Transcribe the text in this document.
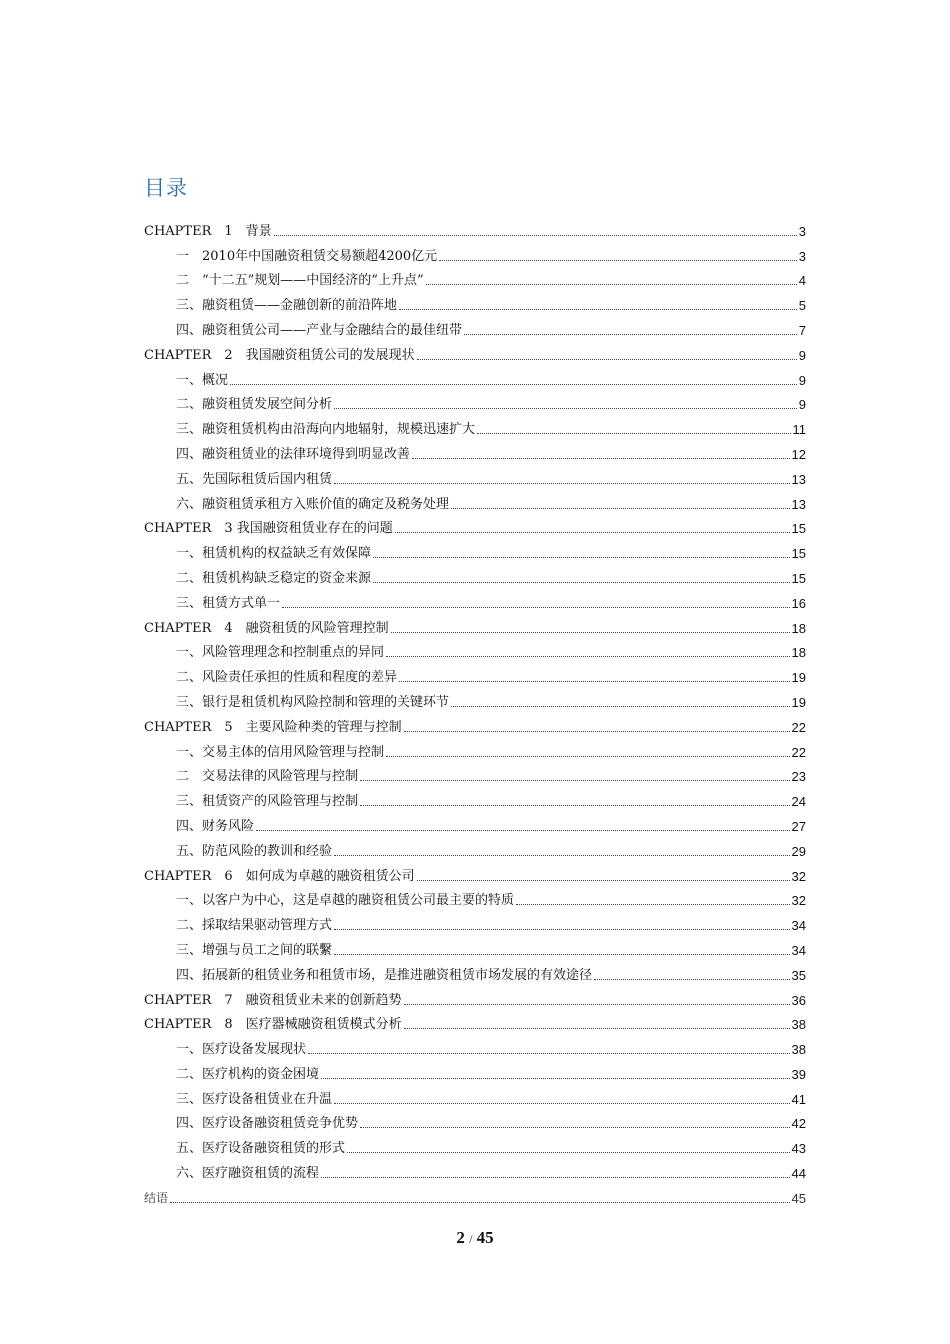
目录
CHAPTER　1　背景	3
一　2010年中国融资租赁交易额超4200亿元	3
二　“十二五”规划——中国经济的“上升点”	4
三、融资租赁——金融创新的前沿阵地	5
四、融资租赁公司——产业与金融结合的最佳纽带	7
CHAPTER　2　我国融资租赁公司的发展现状	9
一、概况	9
二、融资租赁发展空间分析	9
三、融资租赁机构由沿海向内地辐射，规模迅速扩大	11
四、融资租赁业的法律环境得到明显改善	12
五、先国际租赁后国内租赁	13
六、融资租赁承租方入账价值的确定及税务处理	13
CHAPTER　3 我国融资租赁业存在的问题	15
一、租赁机构的权益缺乏有效保障	15
二、租赁机构缺乏稳定的资金来源	15
三、租赁方式单一	16
CHAPTER　4　融资租赁的风险管理控制	18
一、风险管理理念和控制重点的异同	18
二、风险责任承担的性质和程度的差异	19
三、银行是租赁机构风险控制和管理的关键环节	19
CHAPTER　5　主要风险种类的管理与控制	22
一、交易主体的信用风险管理与控制	22
二　交易法律的风险管理与控制	23
三、租赁资产的风险管理与控制	24
四、财务风险	27
五、防范风险的教训和经验	29
CHAPTER　6　如何成为卓越的融资租赁公司	32
一、以客户为中心，这是卓越的融资租赁公司最主要的特质	32
二、採取结果驱动管理方式	34
三、增强与员工之间的联繫	34
四、拓展新的租赁业务和租赁市场，是推进融资租赁市场发展的有效途径	35
CHAPTER　7　融资租赁业未来的创新趋势	36
CHAPTER　8　医疗器械融资租赁模式分析	38
一、医疗设备发展现状	38
二、医疗机构的资金困境	39
三、医疗设备租赁业在升温	41
四、医疗设备融资租赁竞争优势	42
五、医疗设备融资租赁的形式	43
六、医疗融资租赁的流程	44
结语	45
2 / 45
